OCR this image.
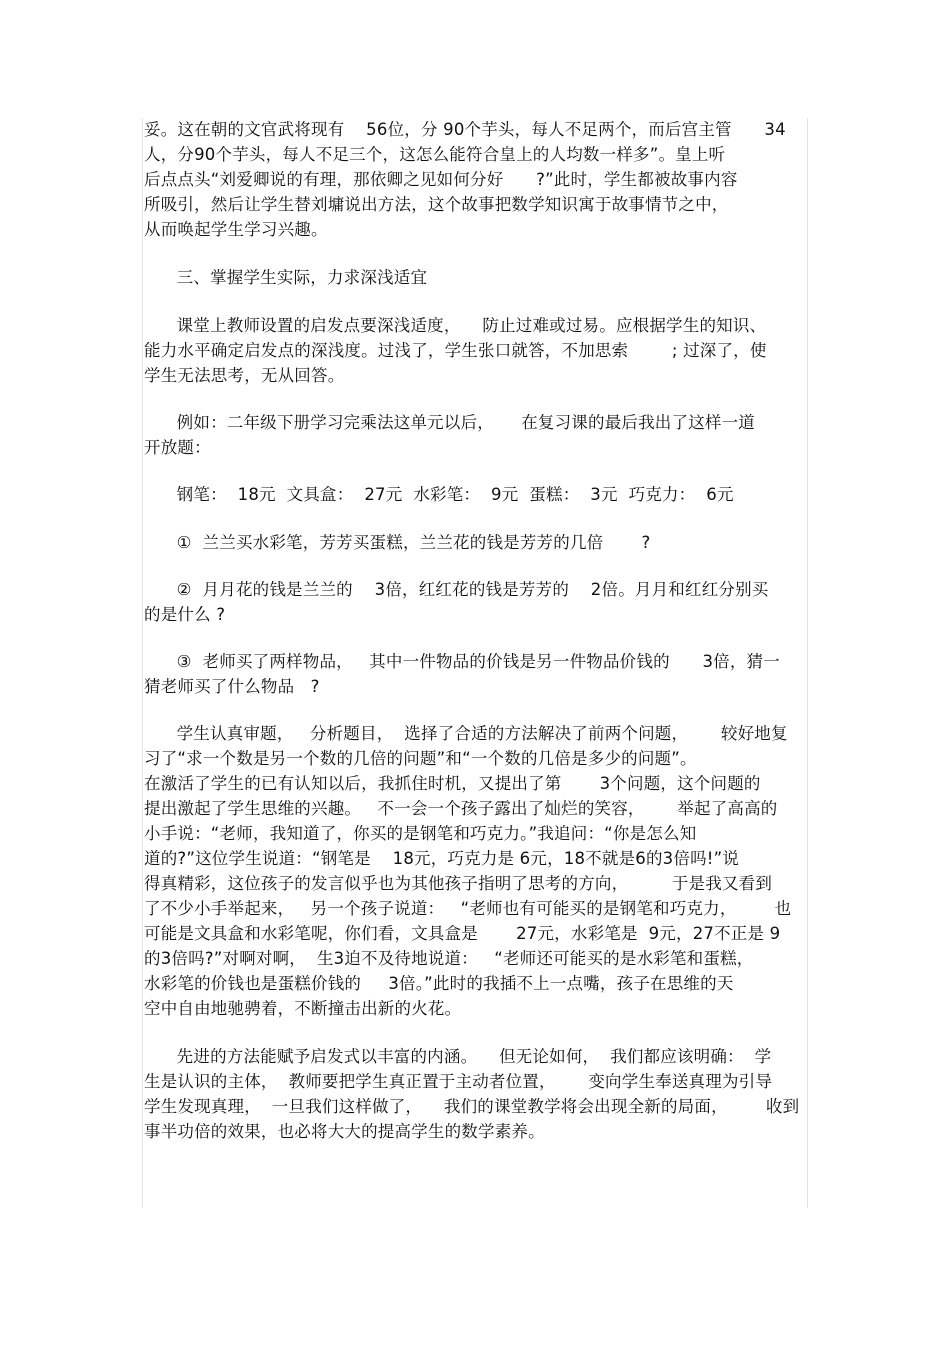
妥。这在朝的文官武将现有    56位，分 90个芋头，每人不足两个，而后宫主管      34
人，分90个芋头，每人不足三个，这怎么能符合皇上的人均数一样多”。皇上听
后点点头“刘爱卿说的有理，那依卿之见如何分好      ?”此时，学生都被故事内容
所吸引，然后让学生替刘墉说出方法，这个故事把数学知识寓于故事情节之中，
从而唤起学生学习兴趣。
三、掌握学生实际，力求深浅适宜
课堂上教师设置的启发点要深浅适度，    防止过难或过易。应根据学生的知识、
能力水平确定启发点的深浅度。过浅了，学生张口就答，不加思索        ; 过深了，使
学生无法思考，无从回答。
例如：二年级下册学习完乘法这单元以后，     在复习课的最后我出了这样一道
开放题：
钢笔：  18元  文具盒：  27元  水彩笔：  9元  蛋糕：  3元  巧克力：  6元
①  兰兰买水彩笔，芳芳买蛋糕，兰兰花的钱是芳芳的几倍       ?
②  月月花的钱是兰兰的    3倍，红红花的钱是芳芳的    2倍。月月和红红分别买
的是什么 ?
③  老师买了两样物品，   其中一件物品的价钱是另一件物品价钱的      3倍，猜一
猜老师买了什么物品   ?
学生认真审题，   分析题目，  选择了合适的方法解决了前两个问题，      较好地复
习了“求一个数是另一个数的几倍的问题”和“一个数的几倍是多少的问题”。
在激活了学生的已有认知以后，我抓住时机，又提出了第       3个问题，这个问题的
提出激起了学生思维的兴趣。   不一会一个孩子露出了灿烂的笑容，      举起了高高的
小手说：“老师，我知道了，你买的是钢笔和巧克力。”我追问：“你是怎么知
道的?”这位学生说道：“钢笔是    18元，巧克力是 6元，18不就是6的3倍吗!”说
得真精彩，这位孩子的发言似乎也为其他孩子指明了思考的方向，        于是我又看到
了不少小手举起来，   另一个孩子说道：   “老师也有可能买的是钢笔和巧克力，       也
可能是文具盒和水彩笔呢，你们看，文具盒是       27元，水彩笔是  9元，27不正是 9
的3倍吗?”对啊对啊，  生3迫不及待地说道：   “老师还可能买的是水彩笔和蛋糕，
水彩笔的价钱也是蛋糕价钱的     3倍。”此时的我插不上一点嘴，孩子在思维的天
空中自由地驰骋着，不断撞击出新的火花。
先进的方法能赋予启发式以丰富的内涵。    但无论如何，  我们都应该明确：  学
生是认识的主体，  教师要把学生真正置于主动者位置，      变向学生奉送真理为引导
学生发现真理，  一旦我们这样做了，    我们的课堂教学将会出现全新的局面，       收到
事半功倍的效果，也必将大大的提高学生的数学素养。
